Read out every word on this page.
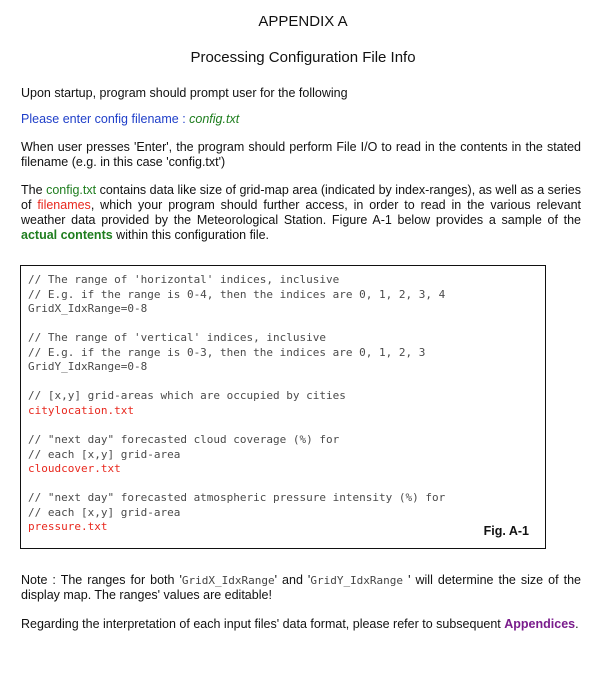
APPENDIX A
Processing Configuration File Info
Upon startup, program should prompt user for the following
Please enter config filename : config.txt
When user presses 'Enter', the program should perform File I/O to read in the contents in the stated filename (e.g. in this case 'config.txt')
The config.txt contains data like size of grid-map area (indicated by index-ranges), as well as a series of filenames, which your program should further access, in order to read in the various relevant weather data provided by the Meteorological Station. Figure A-1 below provides a sample of the actual contents within this configuration file.
// The range of 'horizontal' indices, inclusive
// E.g. if the range is 0-4, then the indices are 0, 1, 2, 3, 4
GridX_IdxRange=0-8
// The range of 'vertical' indices, inclusive
// E.g. if the range is 0-3, then the indices are 0, 1, 2, 3
GridY_IdxRange=0-8
// [x,y] grid-areas which are occupied by cities
citylocation.txt
// "next day" forecasted cloud coverage (%) for
// each [x,y] grid-area
cloudcover.txt
// "next day" forecasted atmospheric pressure intensity (%) for
// each [x,y] grid-area
pressure.txt	Fig. A-1
Note : The ranges for both 'GridX_IdxRange' and 'GridY_IdxRange ' will determine the size of the display map. The ranges' values are editable!
Regarding the interpretation of each input files' data format, please refer to subsequent Appendices.
